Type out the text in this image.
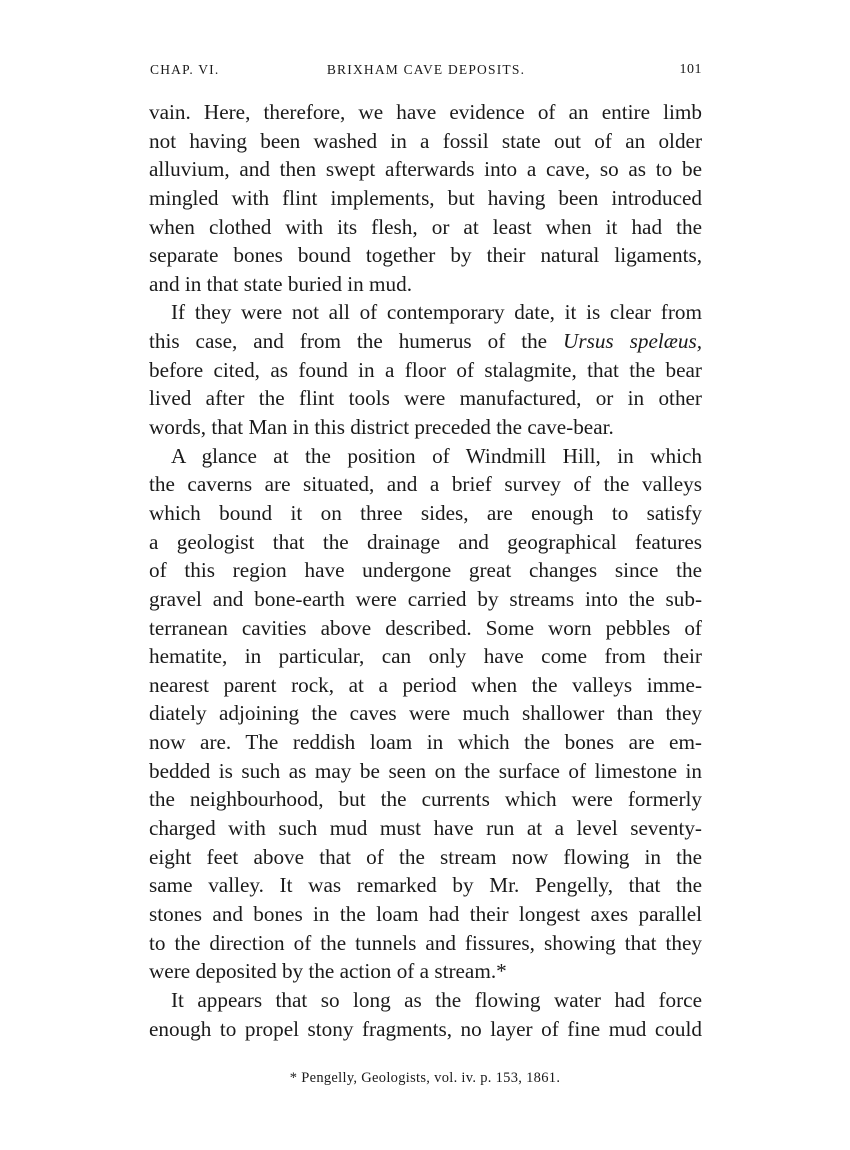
CHAP. VI.	BRIXHAM CAVE DEPOSITS.	101
vain. Here, therefore, we have evidence of an entire limb
not having been washed in a fossil state out of an older
alluvium, and then swept afterwards into a cave, so as to be
mingled with flint implements, but having been introduced
when clothed with its flesh, or at least when it had the
separate bones bound together by their natural ligaments,
and in that state buried in mud.
If they were not all of contemporary date, it is clear from
this case, and from the humerus of the Ursus spelæus,
before cited, as found in a floor of stalagmite, that the bear
lived after the flint tools were manufactured, or in other
words, that Man in this district preceded the cave-bear.
A glance at the position of Windmill Hill, in which
the caverns are situated, and a brief survey of the valleys
which bound it on three sides, are enough to satisfy
a geologist that the drainage and geographical features
of this region have undergone great changes since the
gravel and bone-earth were carried by streams into the sub-
terranean cavities above described. Some worn pebbles of
hematite, in particular, can only have come from their
nearest parent rock, at a period when the valleys imme-
diately adjoining the caves were much shallower than they
now are. The reddish loam in which the bones are em-
bedded is such as may be seen on the surface of limestone in
the neighbourhood, but the currents which were formerly
charged with such mud must have run at a level seventy-
eight feet above that of the stream now flowing in the
same valley. It was remarked by Mr. Pengelly, that the
stones and bones in the loam had their longest axes parallel
to the direction of the tunnels and fissures, showing that they
were deposited by the action of a stream.*
It appears that so long as the flowing water had force
enough to propel stony fragments, no layer of fine mud could
* Pengelly, Geologists, vol. iv. p. 153, 1861.
